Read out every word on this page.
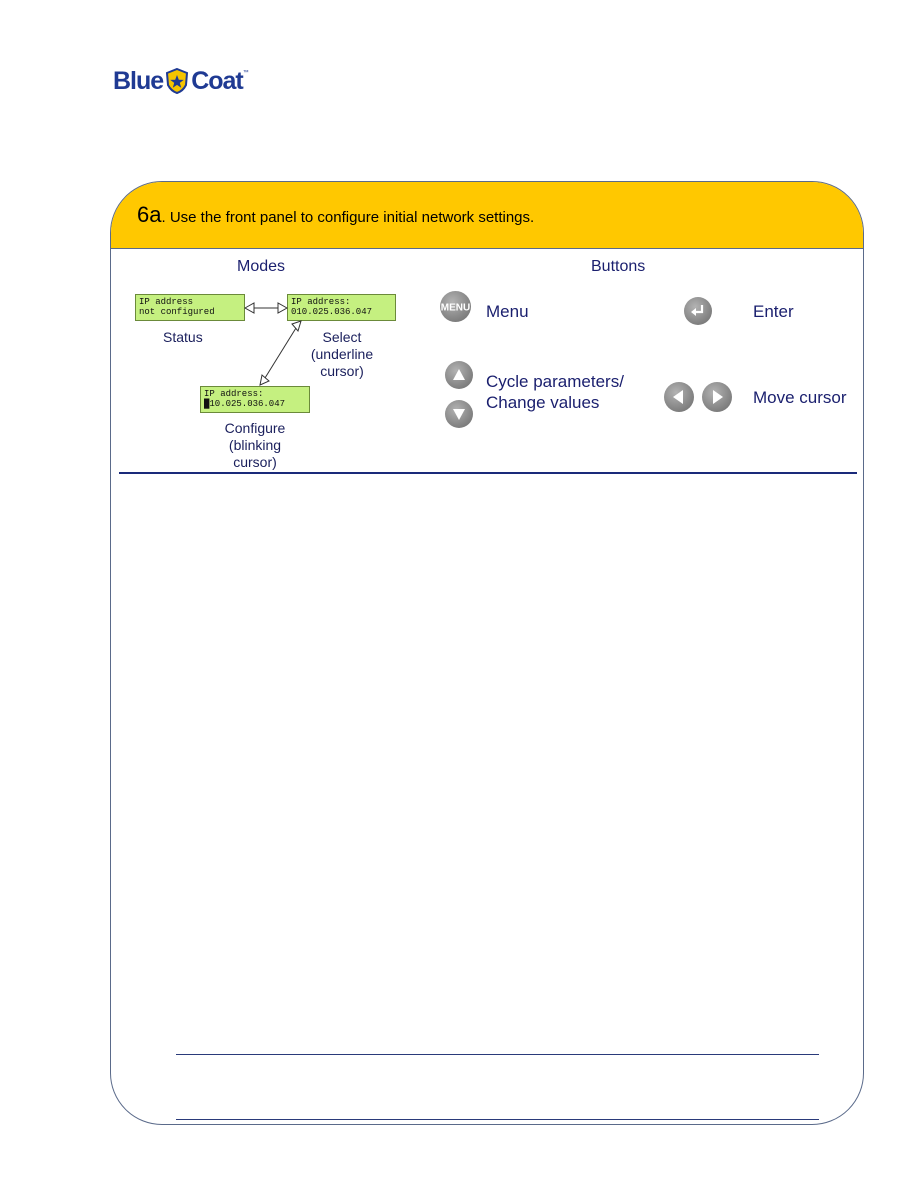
Blue Coat ™
6a. Use the front panel to configure initial network settings.
Modes
IP address
not configured
IP address:
010.025.036.047
IP address:
█10.025.036.047
Status	Select
(underline
cursor)
Configure
(blinking
cursor)
Buttons
MENU Menu	Enter
Cycle parameters/
Change values	Move cursor
